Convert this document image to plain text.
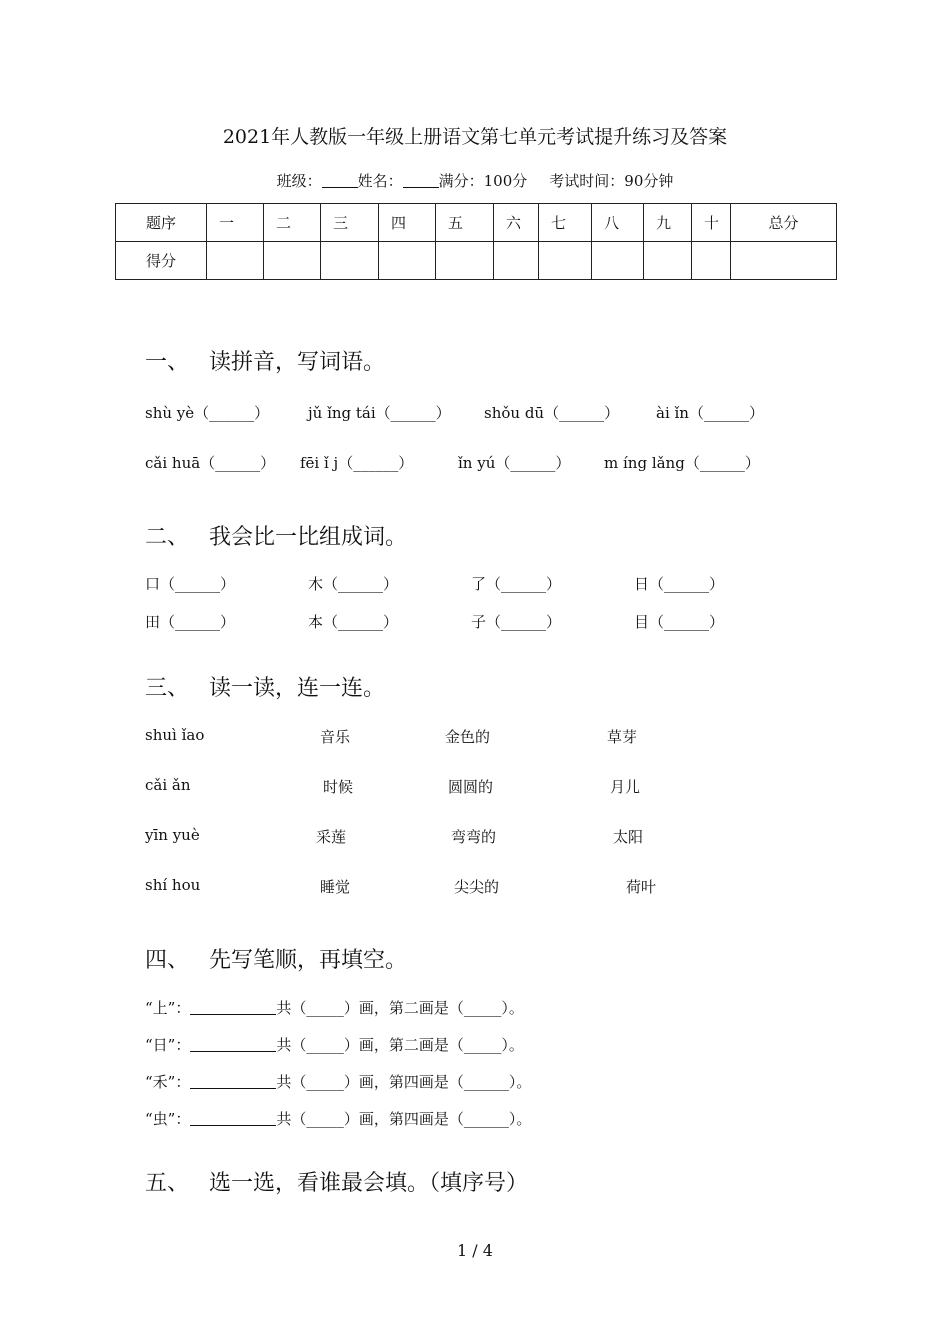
2021年人教版一年级上册语文第七单元考试提升练习及答案
班级： 姓名： 满分：100分 考试时间：90分钟
题序	一	二	三	四	五	六	七	八	九	十	总分
得分											
一、 读拼音，写词语。
shù yè（______）	jǔ ǐng tái（______） shǒu dū（______） ài ǐn（______）
cǎi huā（______） fēi ǐ j（______）	ǐn yú（______） m íng lǎng（______）
二、 我会比一比组成词。
口（______）	木（______）	了（______）	日（______）
田（______）	本（______）	子（______）	目（______）
三、 读一读，连一连。
shuì ǐao	音乐	金色的	草芽
cǎi ǎn	时候	圆圆的	月儿
yīn yuè	采莲	弯弯的	太阳
shí hou	睡觉	尖尖的	荷叶
四、 先写笔顺，再填空。
“上”：	共（_____）画，第二画是（_____）。
“日”：	共（_____）画，第二画是（_____）。
“禾”：	共（_____）画，第四画是（______）。
“虫”：	共（_____）画，第四画是（______）。
五、 选一选，看谁最会填。（填序号）
1 / 4
